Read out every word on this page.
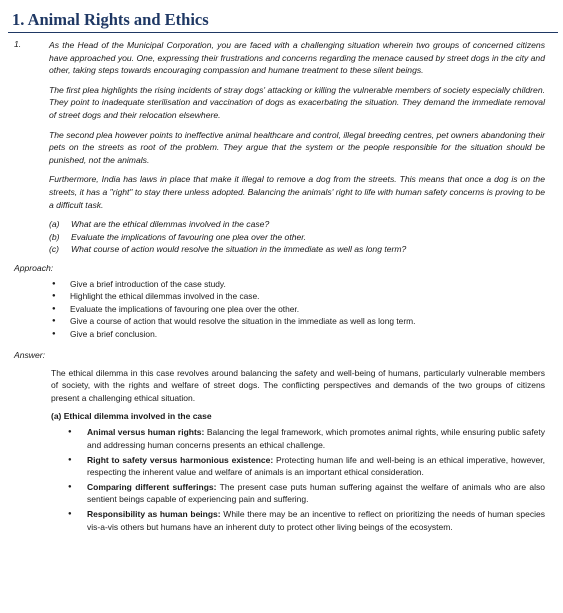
1. Animal Rights and Ethics
1.	As the Head of the Municipal Corporation, you are faced with a challenging situation wherein two groups of concerned citizens have approached you. One, expressing their frustrations and concerns regarding the menace caused by street dogs in the city and other, taking steps towards encouraging compassion and humane treatment to these silent beings.

The first plea highlights the rising incidents of stray dogs' attacking or killing the vulnerable members of society especially children. They point to inadequate sterilisation and vaccination of dogs as exacerbating the situation. They demand the immediate removal of street dogs and their relocation elsewhere.

The second plea however points to ineffective animal healthcare and control, illegal breeding centres, pet owners abandoning their pets on the streets as root of the problem. They argue that the system or the people responsible for the situation should be punished, not the animals.

Furthermore, India has laws in place that make it illegal to remove a dog from the streets. This means that once a dog is on the streets, it has a "right" to stay there unless adopted. Balancing the animals' right to life with human safety concerns is proving to be a difficult task.

(a) What are the ethical dilemmas involved in the case?
(b) Evaluate the implications of favouring one plea over the other.
(c) What course of action would resolve the situation in the immediate as well as long term?
Approach:
● Give a brief introduction of the case study.
● Highlight the ethical dilemmas involved in the case.
● Evaluate the implications of favouring one plea over the other.
● Give a course of action that would resolve the situation in the immediate as well as long term.
● Give a brief conclusion.
Answer:

The ethical dilemma in this case revolves around balancing the safety and well-being of humans, particularly vulnerable members of society, with the rights and welfare of street dogs. The conflicting perspectives and demands of the two groups of citizens present a challenging ethical situation.

(a) Ethical dilemma involved in the case
● Animal versus human rights: Balancing the legal framework, which promotes animal rights, while ensuring public safety and addressing human concerns presents an ethical challenge.
● Right to safety versus harmonious existence: Protecting human life and well-being is an ethical imperative, however, respecting the inherent value and welfare of animals is an important ethical consideration.
● Comparing different sufferings: The present case puts human suffering against the welfare of animals who are also sentient beings capable of experiencing pain and suffering.
● Responsibility as human beings: While there may be an incentive to reflect on prioritizing the needs of human species vis-a-vis others but humans have an inherent duty to protect other living beings of the ecosystem.
